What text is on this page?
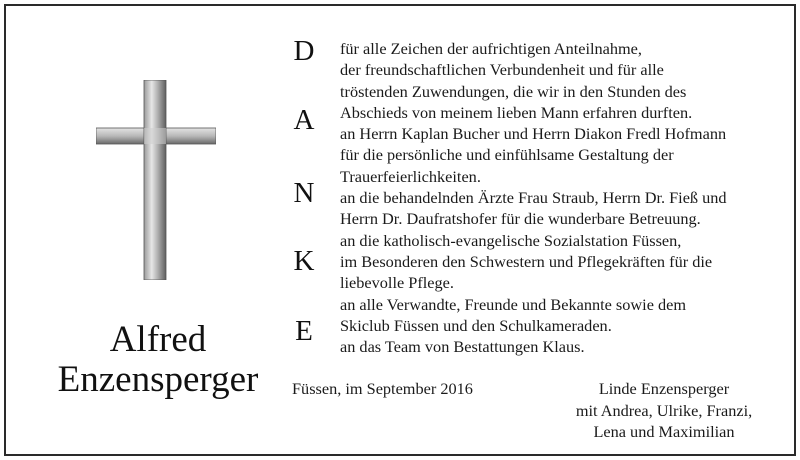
Alfred
Enzensperger
D
A
N
K
E
für alle Zeichen der aufrichtigen Anteilnahme,
der freundschaftlichen Verbundenheit und für alle
tröstenden Zuwendungen, die wir in den Stunden des
Abschieds von meinem lieben Mann erfahren durften.
an Herrn Kaplan Bucher und Herrn Diakon Fredl Hofmann
für die persönliche und einfühlsame Gestaltung der
Trauerfeierlichkeiten.
an die behandelnden Ärzte Frau Straub, Herrn Dr. Fieß und
Herrn Dr. Daufratshofer für die wunderbare Betreuung.
an die katholisch-evangelische Sozialstation Füssen,
im Besonderen den Schwestern und Pflegekräften für die
liebevolle Pflege.
an alle Verwandte, Freunde und Bekannte sowie dem
Skiclub Füssen und den Schulkameraden.
an das Team von Bestattungen Klaus.
Füssen, im September 2016	Linde Enzensperger
mit Andrea, Ulrike, Franzi,
Lena und Maximilian
